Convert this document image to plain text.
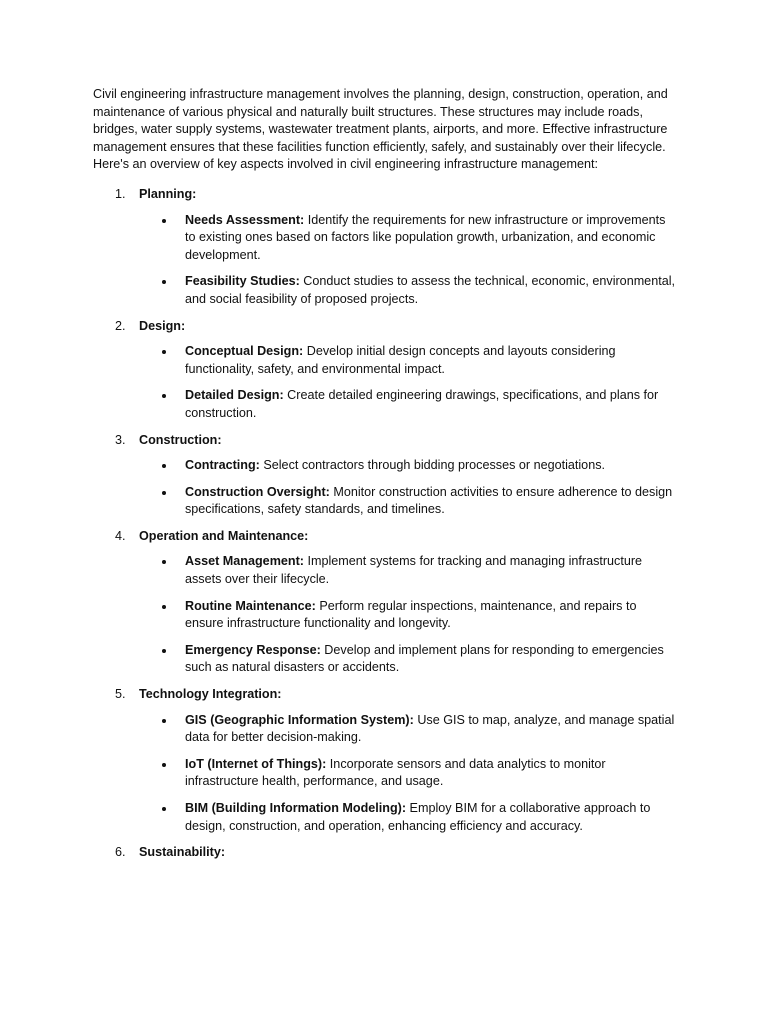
Civil engineering infrastructure management involves the planning, design, construction, operation, and maintenance of various physical and naturally built structures. These structures may include roads, bridges, water supply systems, wastewater treatment plants, airports, and more. Effective infrastructure management ensures that these facilities function efficiently, safely, and sustainably over their lifecycle. Here's an overview of key aspects involved in civil engineering infrastructure management:

1.	Planning:
Needs Assessment: Identify the requirements for new infrastructure or improvements to existing ones based on factors like population growth, urbanization, and economic development.
Feasibility Studies: Conduct studies to assess the technical, economic, environmental, and social feasibility of proposed projects.
2.	Design:
Conceptual Design: Develop initial design concepts and layouts considering functionality, safety, and environmental impact.
Detailed Design: Create detailed engineering drawings, specifications, and plans for construction.
3.	Construction:
Contracting: Select contractors through bidding processes or negotiations.
Construction Oversight: Monitor construction activities to ensure adherence to design specifications, safety standards, and timelines.
4.	Operation and Maintenance:
Asset Management: Implement systems for tracking and managing infrastructure assets over their lifecycle.
Routine Maintenance: Perform regular inspections, maintenance, and repairs to ensure infrastructure functionality and longevity.
Emergency Response: Develop and implement plans for responding to emergencies such as natural disasters or accidents.
5.	Technology Integration:
GIS (Geographic Information System): Use GIS to map, analyze, and manage spatial data for better decision-making.
IoT (Internet of Things): Incorporate sensors and data analytics to monitor infrastructure health, performance, and usage.
BIM (Building Information Modeling): Employ BIM for a collaborative approach to design, construction, and operation, enhancing efficiency and accuracy.
6.	Sustainability:
